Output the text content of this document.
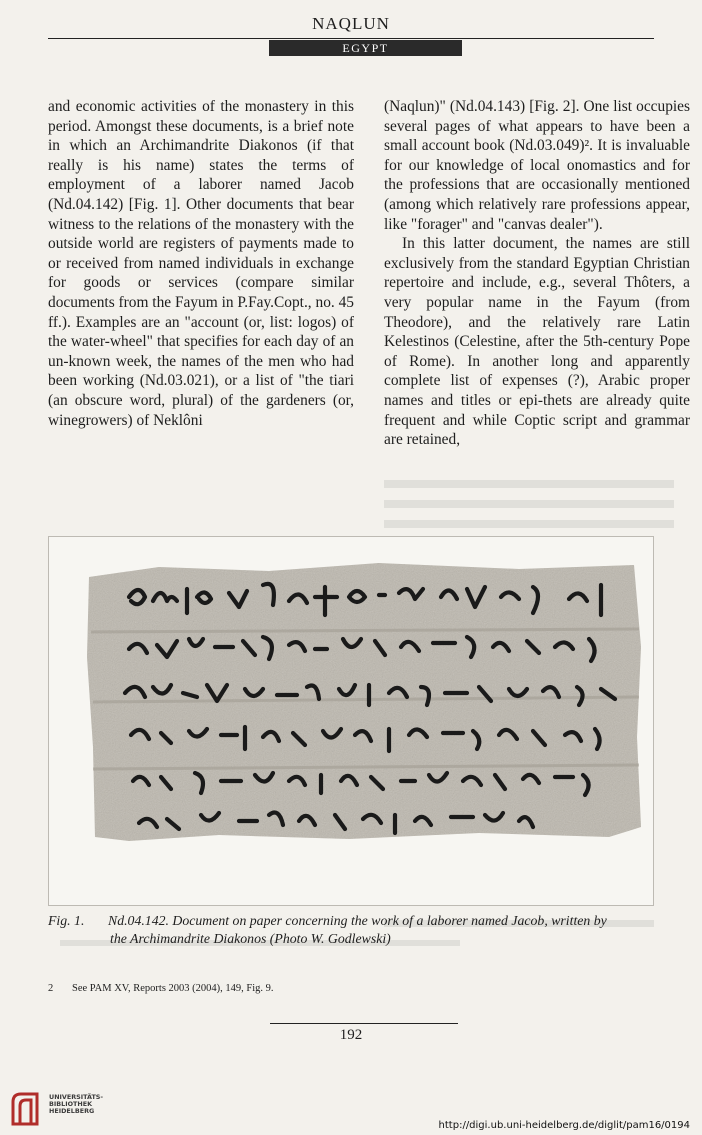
NAQLUN
EGYPT

and economic activities of the monastery in this period. Amongst these documents, is a brief note in which an Archimandrite Diakonos (if that really is his name) states the terms of employment of a laborer named Jacob (Nd.04.142) [Fig. 1]. Other documents that bear witness to the relations of the monastery with the outside world are registers of payments made to or received from named individuals in exchange for goods or services (compare similar documents from the Fayum in P.Fay.Copt., no. 45 ff.). Examples are an "account (or, list: logos) of the water-wheel" that specifies for each day of an un-known week, the names of the men who had been working (Nd.03.021), or a list of "the tiari (an obscure word, plural) of the gardeners (or, winegrowers) of Neklôni

(Naqlun)" (Nd.04.143) [Fig. 2]. One list occupies several pages of what appears to have been a small account book (Nd.03.049)². It is invaluable for our knowledge of local onomastics and for the professions that are occasionally mentioned (among which relatively rare professions appear, like "forager" and "canvas dealer").

In this latter document, the names are still exclusively from the standard Egyptian Christian repertoire and include, e.g., several Thôters, a very popular name in the Fayum (from Theodore), and the relatively rare Latin Kelestinos (Celestine, after the 5th-century Pope of Rome). In another long and apparently complete list of expenses (?), Arabic proper names and titles or epi-thets are already quite frequent and while Coptic script and grammar are retained,

Fig. 1. Nd.04.142. Document on paper concerning the work of a laborer named Jacob, written by
the Archimandrite Diakonos (Photo W. Godlewski)
2 See PAM XV, Reports 2003 (2004), 149, Fig. 9.
192
UNIVERSITÄTS-
BIBLIOTHEK
HEIDELBERG
http://digi.ub.uni-heidelberg.de/diglit/pam16/0194
